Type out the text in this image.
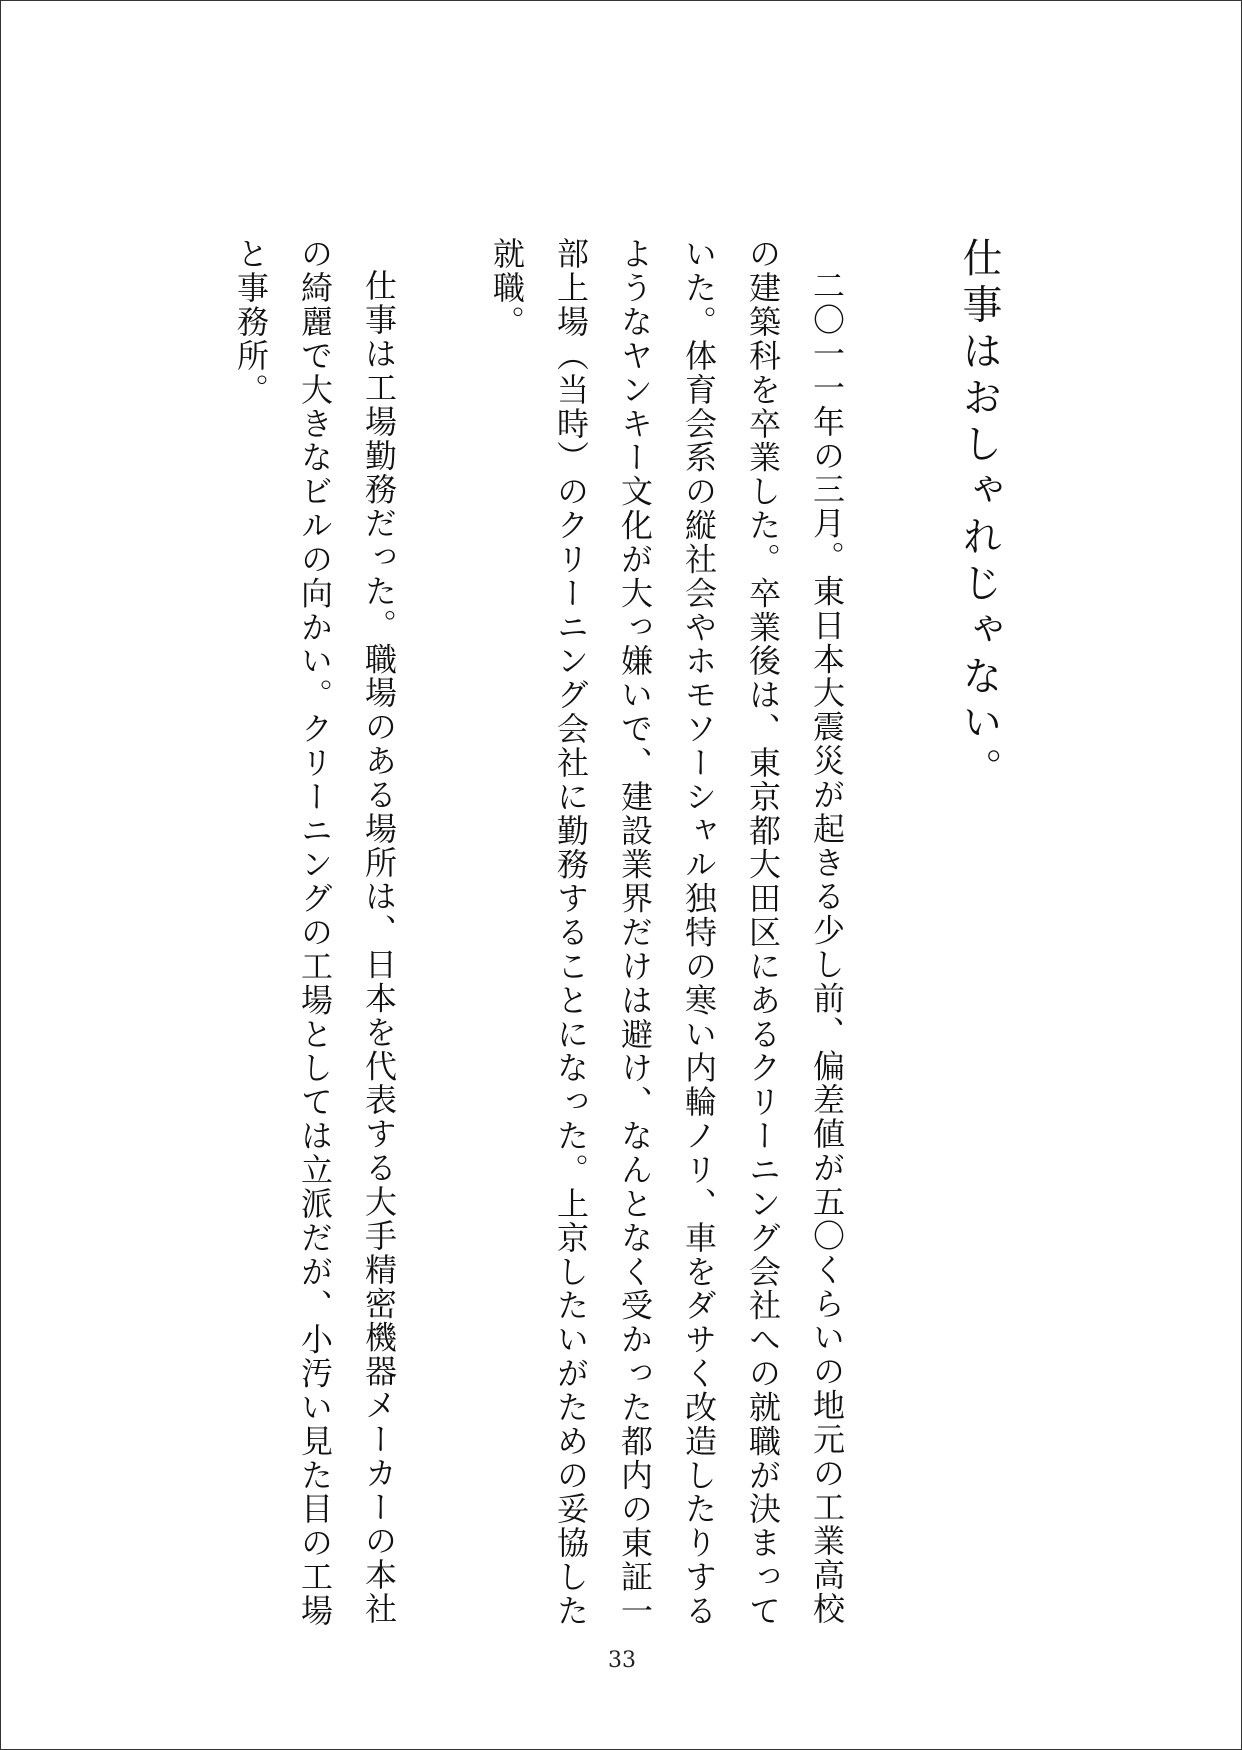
仕事はおしゃれじゃない。

二〇一一年の三月。東日本大震災が起きる少し前、偏差値が五〇くらいの地元の工業高校の建築科を卒業した。卒業後は、東京都大田区にあるクリーニング会社への就職が決まっていた。体育会系の縦社会やホモソーシャル独特の寒い内輪ノリ、車をダサく改造したりするようなヤンキー文化が大っ嫌いで、建設業界だけは避け、なんとなく受かった都内の東証一部上場（当時）のクリーニング会社に勤務することになった。上京したいがための妥協した就職。

仕事は工場勤務だった。職場のある場所は、日本を代表する大手精密機器メーカーの本社の綺麗で大きなビルの向かい。クリーニングの工場としては立派だが、小汚い見た目の工場と事務所。

33
